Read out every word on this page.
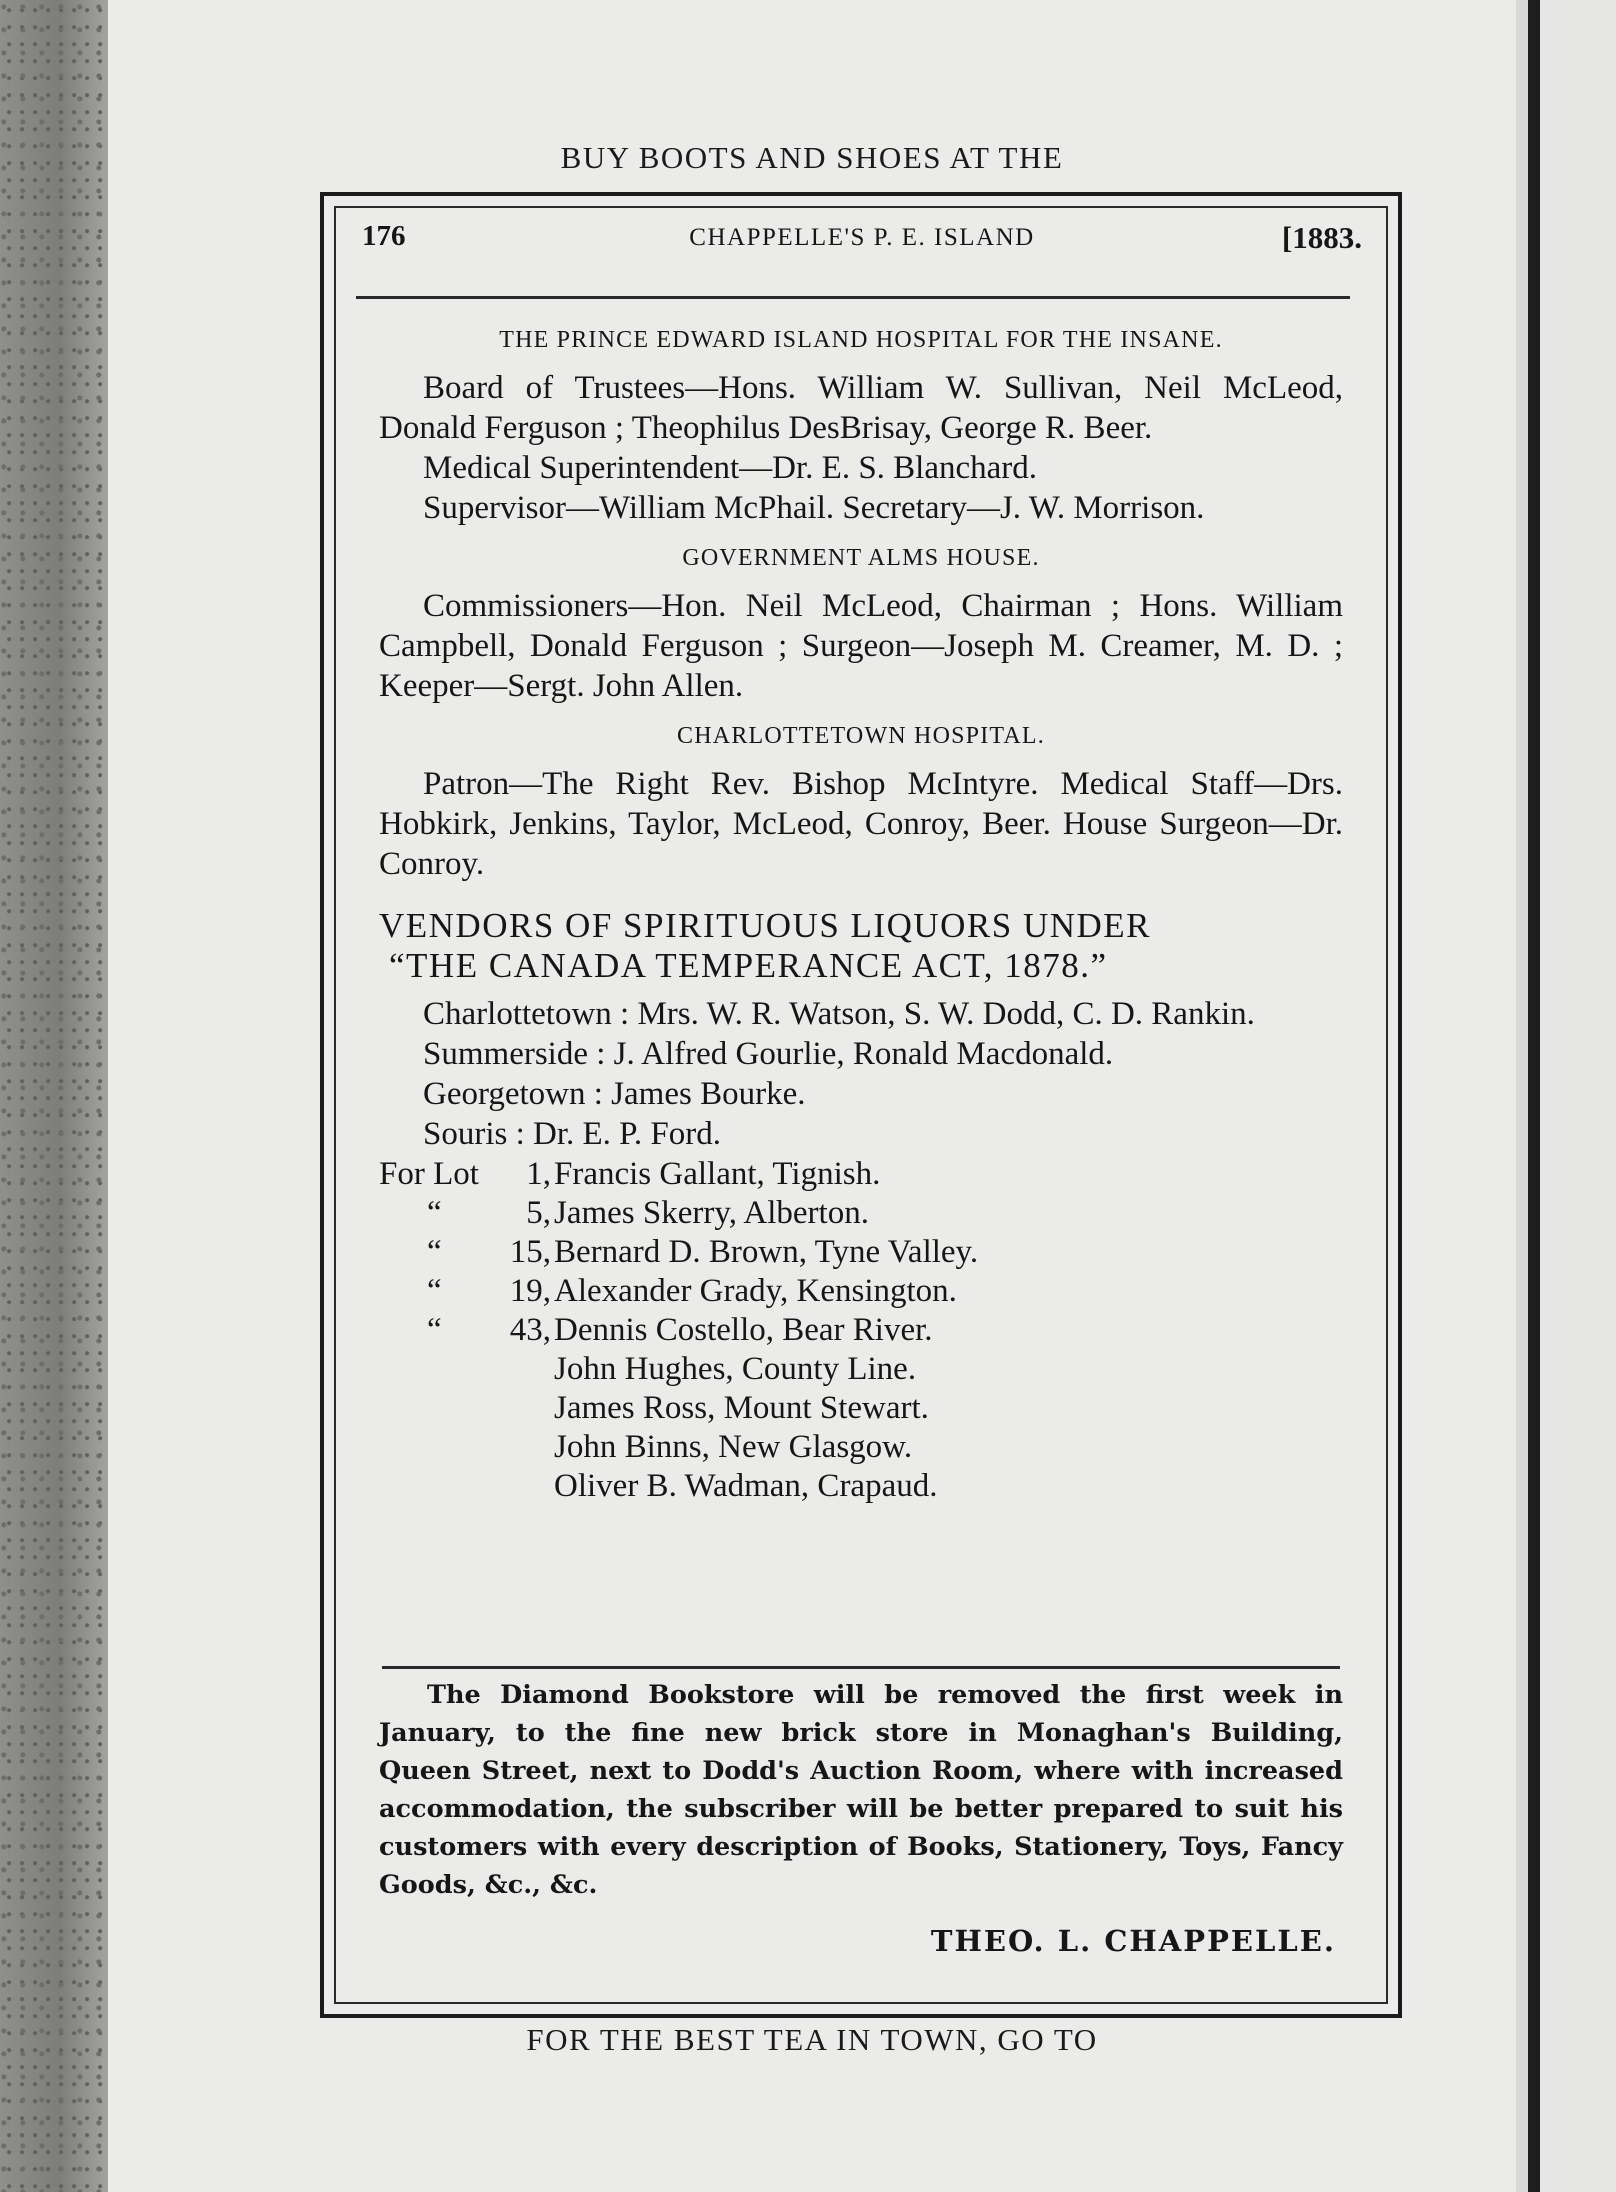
BUY BOOTS AND SHOES AT THE
176	CHAPPELLE'S P. E. ISLAND	[1883.
THE PRINCE EDWARD ISLAND HOSPITAL FOR THE INSANE.

Board of Trustees—Hons. William W. Sullivan, Neil McLeod, Donald Ferguson ; Theophilus DesBrisay, George R. Beer.

Medical Superintendent—Dr. E. S. Blanchard.

Supervisor—William McPhail. Secretary—J. W. Morrison.

GOVERNMENT ALMS HOUSE.

Commissioners—Hon. Neil McLeod, Chairman ; Hons. William Campbell, Donald Ferguson ; Surgeon—Joseph M. Creamer, M. D. ; Keeper—Sergt. John Allen.

CHARLOTTETOWN HOSPITAL.

Patron—The Right Rev. Bishop McIntyre. Medical Staff—Drs. Hobkirk, Jenkins, Taylor, McLeod, Conroy, Beer. House Surgeon—Dr. Conroy.

VENDORS OF SPIRITUOUS LIQUORS UNDER
“THE CANADA TEMPERANCE ACT, 1878.”

Charlottetown : Mrs. W. R. Watson, S. W. Dodd, C. D. Rankin.

Summerside : J. Alfred Gourlie, Ronald Macdonald.

Georgetown : James Bourke.

Souris : Dr. E. P. Ford.

For Lot	1, Francis Gallant, Tignish.
“	5, James Skerry, Alberton.
“	15, Bernard D. Brown, Tyne Valley.
“	19, Alexander Grady, Kensington.
“	43, Dennis Costello, Bear River.
John Hughes, County Line.
James Ross, Mount Stewart.
John Binns, New Glasgow.
Oliver B. Wadman, Crapaud.

The Diamond Bookstore will be removed the first week in January, to the fine new brick store in Monaghan's Building, Queen Street, next to Dodd's Auction Room, where with increased accommodation, the subscriber will be better prepared to suit his customers with every description of Books, Stationery, Toys, Fancy Goods, &c., &c.

THEO. L. CHAPPELLE.
FOR THE BEST TEA IN TOWN, GO TO
